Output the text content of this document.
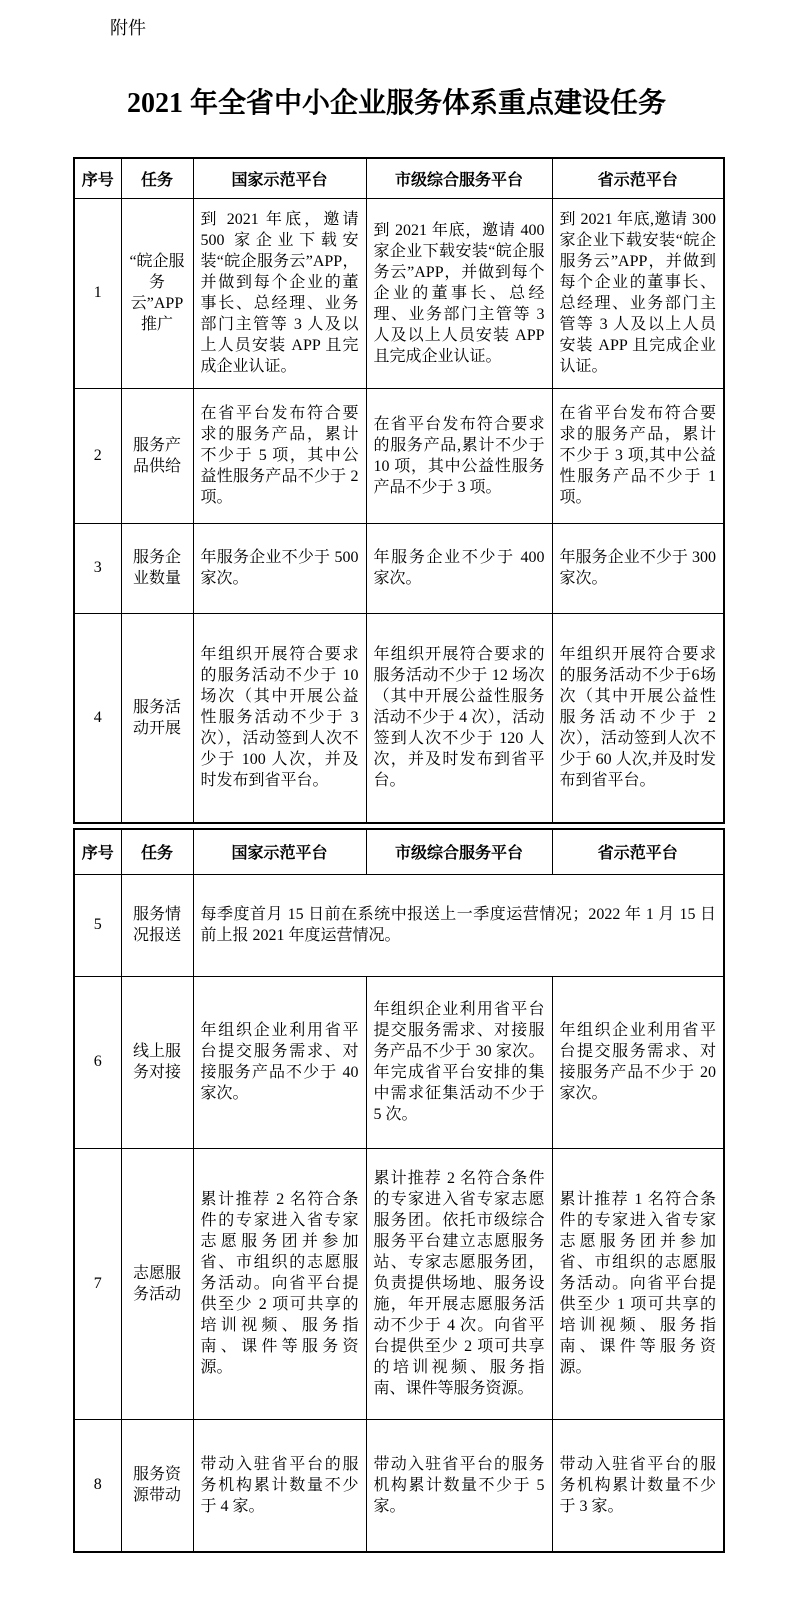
附件
2021 年全省中小企业服务体系重点建设任务
序号	任务	国家示范平台	市级综合服务平台	省示范平台
1	“皖企服务云”APP推广	到 2021 年底，邀请 500 家企业下载安装“皖企服务云”APP，并做到每个企业的董事长、总经理、业务部门主管等 3 人及以上人员安装 APP 且完成企业认证。	到 2021 年底，邀请 400 家企业下载安装“皖企服务云”APP，并做到每个企业的董事长、总经理、业务部门主管等 3 人及以上人员安装 APP 且完成企业认证。	到 2021 年底,邀请 300 家企业下载安装“皖企服务云”APP，并做到每个企业的董事长、总经理、业务部门主管等 3 人及以上人员安装 APP 且完成企业认证。
2	服务产品供给	在省平台发布符合要求的服务产品，累计不少于 5 项，其中公益性服务产品不少于 2 项。	在省平台发布符合要求的服务产品,累计不少于 10 项，其中公益性服务产品不少于 3 项。	在省平台发布符合要求的服务产品，累计不少于 3 项,其中公益性服务产品不少于 1 项。
3	服务企业数量	年服务企业不少于 500 家次。	年服务企业不少于 400 家次。	年服务企业不少于 300 家次。
4	服务活动开展	年组织开展符合要求的服务活动不少于 10 场次（其中开展公益性服务活动不少于 3 次），活动签到人次不少于 100 人次，并及时发布到省平台。	年组织开展符合要求的服务活动不少于 12 场次（其中开展公益性服务活动不少于 4 次），活动签到人次不少于 120 人次，并及时发布到省平台。	年组织开展符合要求的服务活动不少于6场次（其中开展公益性服务活动不少于 2 次），活动签到人次不少于 60 人次,并及时发布到省平台。
序号	任务	国家示范平台	市级综合服务平台	省示范平台
5	服务情况报送	每季度首月 15 日前在系统中报送上一季度运营情况；2022 年 1 月 15 日前上报 2021 年度运营情况。		
6	线上服务对接	年组织企业利用省平台提交服务需求、对接服务产品不少于 40 家次。	年组织企业利用省平台提交服务需求、对接服务产品不少于 30 家次。年完成省平台安排的集中需求征集活动不少于 5 次。	年组织企业利用省平台提交服务需求、对接服务产品不少于 20 家次。
7	志愿服务活动	累计推荐 2 名符合条件的专家进入省专家志愿服务团并参加省、市组织的志愿服务活动。向省平台提供至少 2 项可共享的培训视频、服务指南、课件等服务资源。	累计推荐 2 名符合条件的专家进入省专家志愿服务团。依托市级综合服务平台建立志愿服务站、专家志愿服务团，负责提供场地、服务设施，年开展志愿服务活动不少于 4 次。向省平台提供至少 2 项可共享的培训视频、服务指南、课件等服务资源。	累计推荐 1 名符合条件的专家进入省专家志愿服务团并参加省、市组织的志愿服务活动。向省平台提供至少 1 项可共享的培训视频、服务指南、课件等服务资源。
8	服务资源带动	带动入驻省平台的服务机构累计数量不少于 4 家。	带动入驻省平台的服务机构累计数量不少于 5 家。	带动入驻省平台的服务机构累计数量不少于 3 家。
